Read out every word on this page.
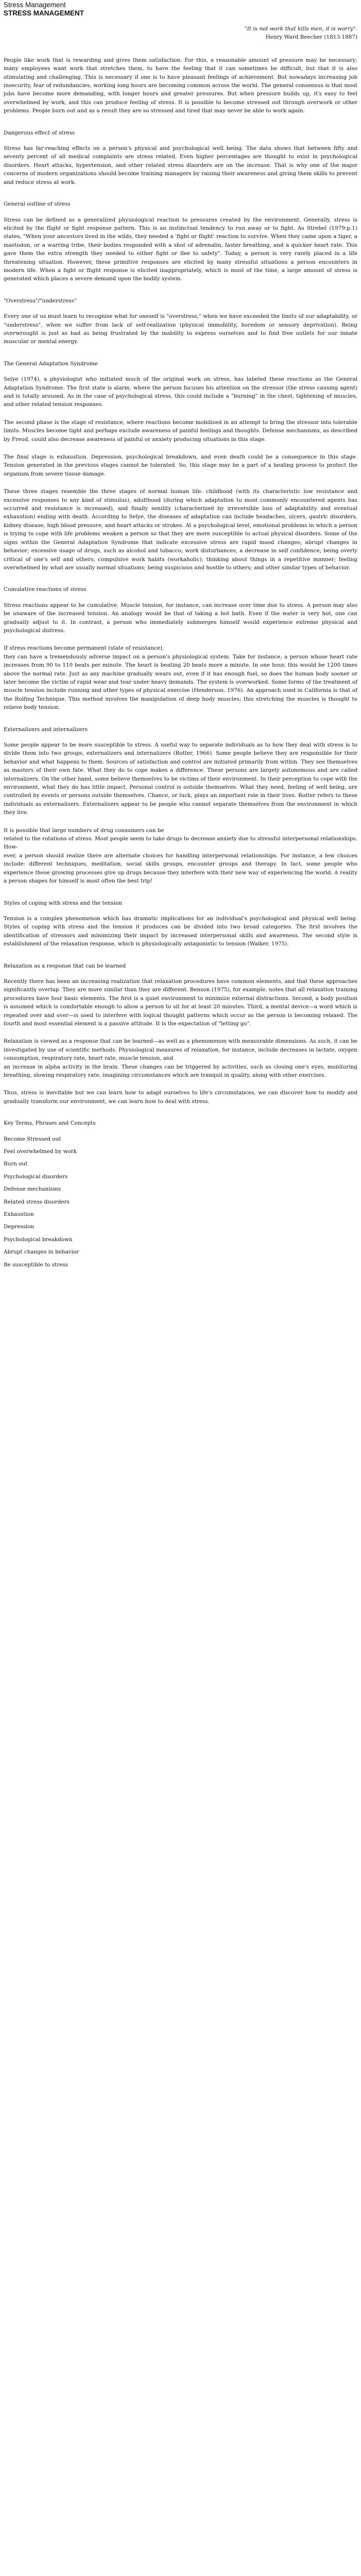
Stress Management
STRESS MANAGEMENT
"It is not work that kills men, it is worry".
Henry Ward Beecher (1813-1887)

People like work that is rewarding and gives them satisfaction. For this, a reasonable amount of pressure may be necessary; many employees want work that stretches them, to have the feeling that it can sometimes be difficult, but that it is also stimulating and challenging. This is necessary if one is to have pleasant feelings of achievement. But nowadays increasing job insecurity, fear of redundancies, working long hours are becoming common across the world. The general consensus is that most jobs have become more demanding, with longer hours and greater pressures. But when pressure builds up, it's easy to feel overwhelmed by work, and this can produce feeling of stress. It is possible to become stressed out through overwork or other problems. People burn out and as a result they are so stressed and tired that may never be able to work again.

Dangerous effect of stress

Stress has far-reaching effects on a person's physical and psychological well being. The data shows that between fifty and seventy percent of all medical complaints are stress related. Even higher percentages are thought to exist in psychological disorders. Heart attacks, hypertension, and other related stress disorders are on the increase. That is why one of the major concerns of modern organizations should become training managers by raising their awareness and giving them skills to prevent and reduce stress at work.

General outline of stress

Stress can be defined as a generalized physiological reaction to pressures created by the environment. Generally, stress is elicited by the flight or fight response pattern. This is an instinctual tendency to run away or to fight. As Strebel (1979:p.1) states, "When your ancestors lived in the wilds, they needed a 'fight or flight' reaction to survive. When they came upon a tiger, a mastodon, or a warring tribe, their bodies responded with a shot of adrenalin, faster breathing, and a quicker heart rate. This gave them the extra strength they needed to either fight or flee to safety". Today, a person is very rarely placed in a life threatening situation. However, these primitive responses are elicited by many stressful situations a person encounters in modern life. When a fight or flight response is elicited inappropriately, which is most of the time, a large amount of stress is generated which places a severe demand upon the bodily system.

"Overstress"/"understress"

Every one of us must learn to recognise what for oneself is "overstress," when we have exceeded the limits of our adaptability, or "understress", when we suffer from lack of self-realization (physical immobility, boredom or sensory deprivation). Being overwrought is just as bad as being frustrated by the inability to express ourselves and to find free outlets for our innate muscular or mental energy.

The General Adaptation Syndrome

Selye (1974), a physiologist who initiated much of the original work on stress, has labeled these reactions as the General Adaptation Syndrome. The first state is alarm, where the person focuses his attention on the stressor (the stress causing agent) and is totally aroused. As in the case of psychological stress, this could include a "burning" in the chest, tightening of muscles, and other related tension responses.

The second phase is the stage of resistance, where reactions become mobilized in an attempt to bring the stressor into tolerable limits. Muscles become tight and perhaps exclude awareness of painful feelings and thoughts. Defense mechanisms, as described by Freud, could also decrease awareness of painful or anxiety producing situations in this stage.

The final stage is exhaustion. Depression, psychological breakdown, and even death could be a consequence in this stage. Tension generated in the previous stages cannot be tolerated. So, this stage may be a part of a healing process to protect the organism from severe tissue damage.

These three stages resemble the three stages of normal human life: childhood (with its characteristic low resistance and excessive responses to any kind of stimulus), adulthood (during which adaptation to most commonly encountered agents has occurred and resistance is increased), and finally senility (characterized by irreversible loss of adaptability and eventual exhaustion) ending with death. According to Selye, the diseases of adaptation can include headaches, ulcers, gastric disorders, kidney disease, high blood pressure, and heart attacks or strokes. At a psychological level, emotional problems in which a person is trying to cope with life problems weaken a person so that they are more susceptible to actual physical disorders. Some of the signs within the General Adaptation Syndrome that indicate excessive stress are rapid mood changes; abrupt changes in behavior; excessive usage of drugs, such as alcohol and tobacco; work disturbances; a decrease in self confidence; being overly critical of one's self and others; compulsive work habits (workaholic); thinking about things in a repetitive manner; feeling overwhelmed by what are usually normal situations; being suspicious and hostile to others; and other similar types of behavior.

Cumulative reactions of stress

Stress reactions appear to be cumulative. Muscle tension, for instance, can increase over time due to stress. A person may also be unaware of the increased tension. An analogy would be that of taking a hot bath. Even if the water is very hot, one can gradually adjust to it. In contrast, a person who immediately submerges himself would experience extreme physical and psychological distress.

If stress reactions become permanent (state of resistance),
they can have a tremendously adverse impact on a person's physiological system. Take for instance, a person whose heart rate increases from 90 to 110 beats per minute. The heart is beating 20 beats more a minute. In one hour, this would be 1200 times above the normal rate. Just as any machine gradually wears out, even if it has enough fuel, so does the human body sooner or later become the victim of rapid wear and tear under heavy demands. The system is overworked. Some forms of the treatment of muscle tension include running and other types of physical exercise (Henderson, 1976). An approach used in California is that of the Rolfing Technique. This method involves the manipulation of deep body muscles; this stretching the muscles is thought to relieve body tension.

Externalizers and internalizers

Some people appear to be more susceptible to stress. A useful way to separate individuals as to how they deal with stress is to divide them into two groups, externalizers and internalizers (Rotter, 1966). Some people believe they are responsible for their behavior and what happens to them. Sources of satisfaction and control are initiated primarily from within. They see themselves as masters of their own fate. What they do to cope makes a difference. These persons are largely autonomous and are called internalizers. On the other hand, some believe themselves to be victims of their environment. In their perception to cope with the environment, what they do has little impact. Personal control is outside themselves. What they need, feeling of well being, are controlled by events or persons outside themselves. Chance, or luck, plays an important role in their lives. Rotter refers to these individuals as externalizers. Externalizers appear to be people who cannot separate themselves from the environment in which they live.

It is possible that large numbers of drug consumers can be
related to the rotations of stress. Most people seem to take drugs to decrease anxiety due to stressful interpersonal relationships. How-
ever, a person should realize there are alternate choices for handling interpersonal relationships. For instance, a few choices include: different techniques, meditation, social skills groups, encounter groups and therapy. In fact, some people who experience these growing processes give up drugs because they interfere with their new way of experiencing the world. A reality a person shapes for himself is most often the best trip!

Styles of coping with stress and the tension

Tension is a complex phenomenon which has dramatic implications for an individual's psychological and physical well being. Styles of coping with stress and the tension it produces can be divided into two broad categories. The first involves the identification of stressors and minimizing their impact by increased interpersonal skills and awareness. The second style is establishment of the relaxation response, which is physiologically antagonistic to tension (Walker, 1975).

Relaxation as a response that can be learned

Recently there has been an increasing realization that relaxation procedures have common elements, and that these approaches significantly overlap. They are more similar than they are different. Benson (1975), for example, notes that all relaxation training procedures have four basic elements. The first is a quiet environment to minimize external distractions. Second, a body position is assumed which is comfortable enough to allow a person to sit for at least 20 minutes. Third, a mental device—a word which is repeated over and over—is used to interfere with logical thought patterns which occur as the person is becoming relaxed. The fourth and most essential element is a passive attitude. It is the expectation of "letting go".

Relaxation is viewed as a response that can be learned—as well as a phenomenon with measurable dimensions. As such, it can be investigated by use of scientific methods. Physiological measures of relaxation, for instance, include decreases in lactate, oxygen consumption, respiratory rate, heart rate, muscle tension, and
an increase in alpha activity in the brain. These changes can be triggered by activities, such as closing one's eyes, monitoring breathing, slowing respiratory rate, imagining circumstances which are tranquil in quality, along with other exercises.

Thus, stress is inevitable but we can learn how to adapt ourselves to life's circumstances, we can discover how to modify and gradually transform our environment, we can learn how to deal with stress.

Key Terms, Phrases and Concepts
Become Stressed out
Feel overwhelmed by work
Burn out
Psychological disorders
Defense mechanisms
Related stress disorders
Exhaustion
Depression
Psychological breakdown
Abrupt changes in behavior
Be susceptible to stress
